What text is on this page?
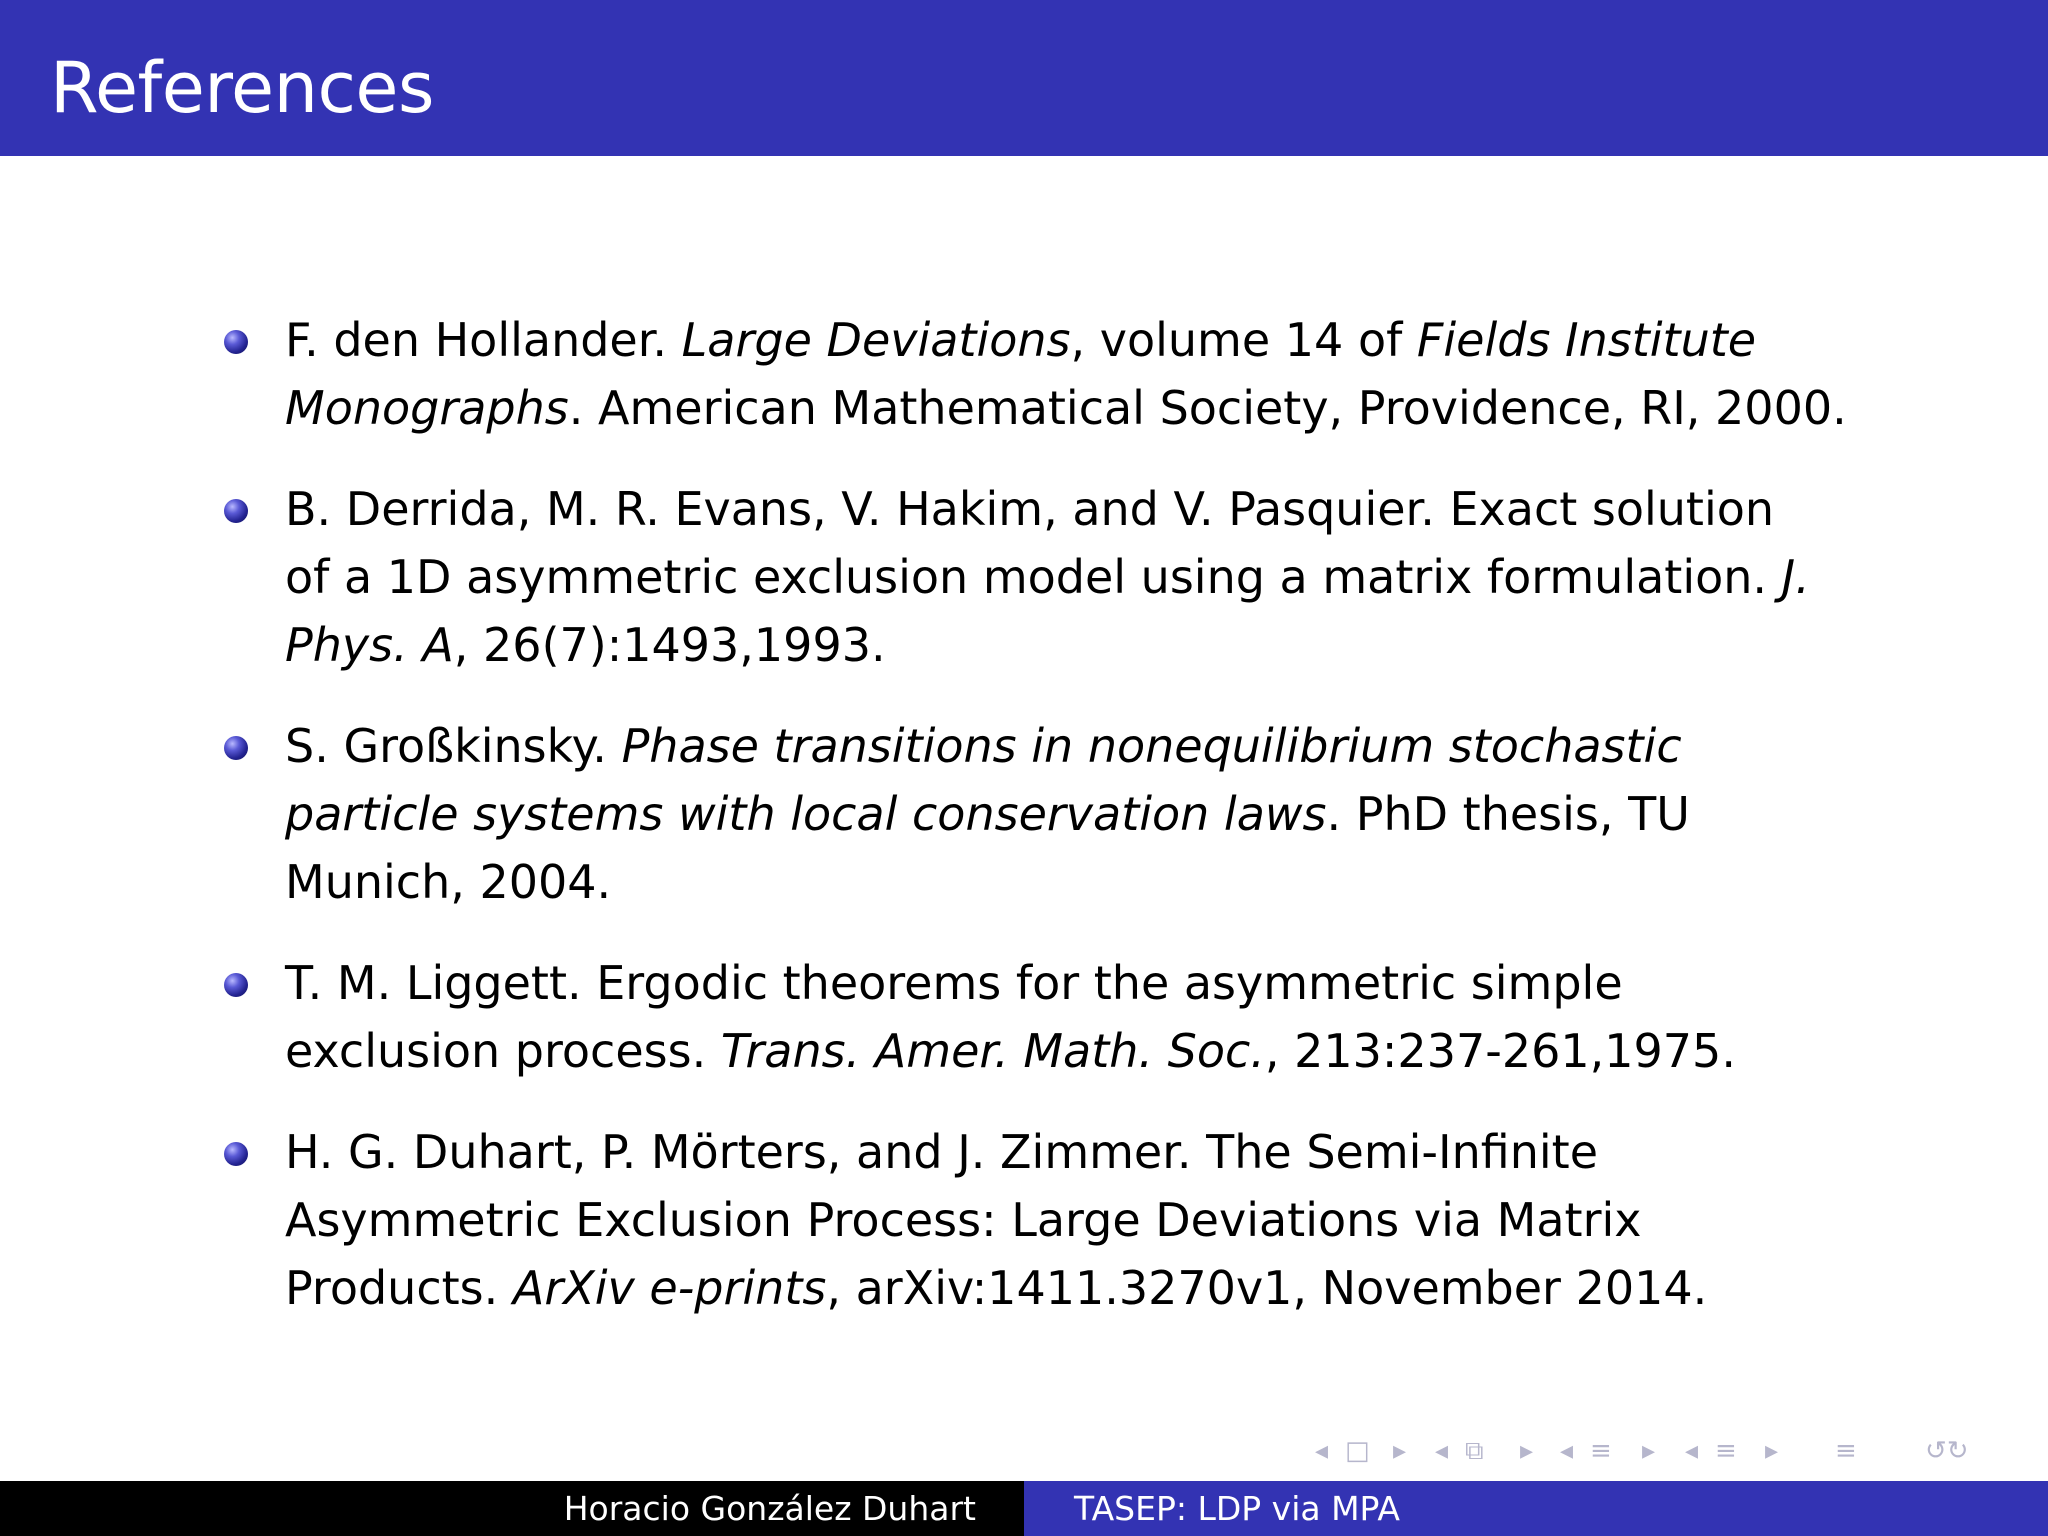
References
F. den Hollander. Large Deviations, volume 14 of Fields Institute
Monographs. American Mathematical Society, Providence, RI, 2000.
B. Derrida, M. R. Evans, V. Hakim, and V. Pasquier. Exact solution
of a 1D asymmetric exclusion model using a matrix formulation. J.
Phys. A, 26(7):1493,1993.
S. Großkinsky. Phase transitions in nonequilibrium stochastic
particle systems with local conservation laws. PhD thesis, TU
Munich, 2004.
T. M. Liggett. Ergodic theorems for the asymmetric simple
exclusion process. Trans. Amer. Math. Soc., 213:237-261,1975.
H. G. Duhart, P. Mörters, and J. Zimmer. The Semi-Infinite
Asymmetric Exclusion Process: Large Deviations via Matrix
Products. ArXiv e-prints, arXiv:1411.3270v1, November 2014.
◂ □ ▸ ◂ ⧉ ▸ ◂ ≡ ▸ ◂ ≡ ▸ ≡	↺↻
Horacio González Duhart	TASEP: LDP via MPA
